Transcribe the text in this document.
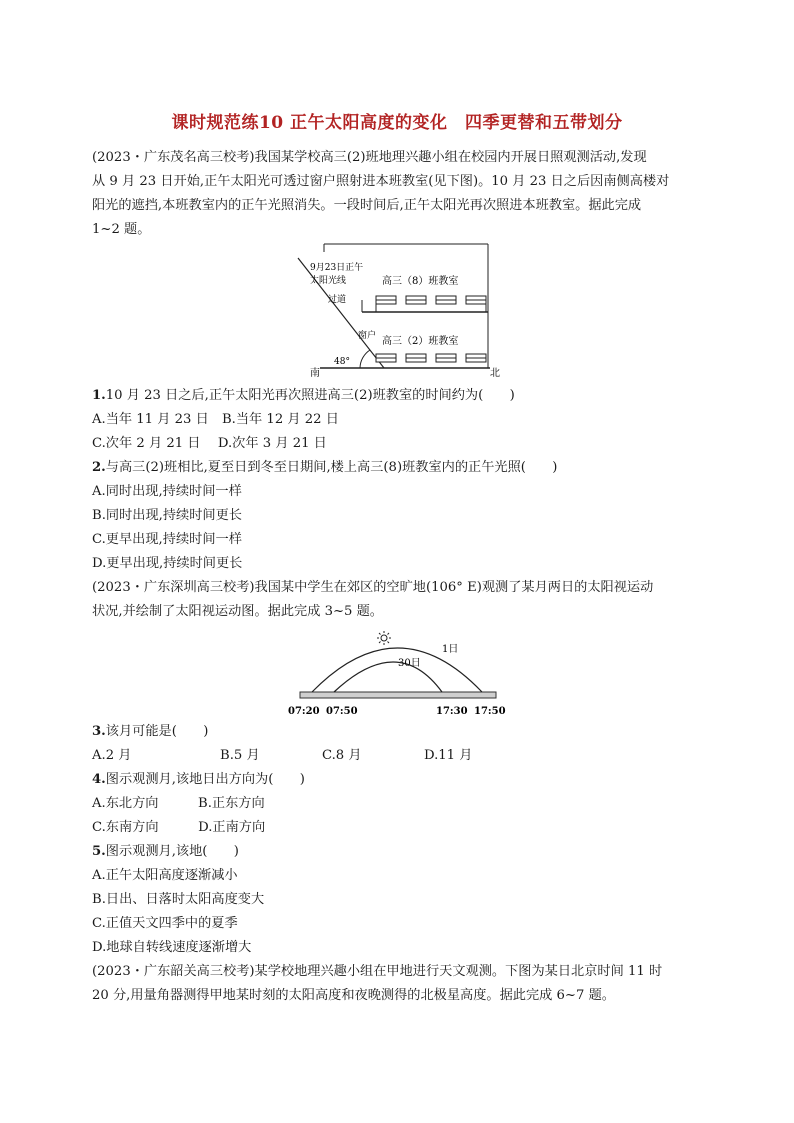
课时规范练10 正午太阳高度的变化　四季更替和五带划分
(2023・广东茂名高三校考)我国某学校高三(2)班地理兴趣小组在校园内开展日照观测活动,发现
从 9 月 23 日开始,正午太阳光可透过窗户照射进本班教室(见下图)。10 月 23 日之后因南侧高楼对
阳光的遮挡,本班教室内的正午光照消失。一段时间后,正午太阳光再次照进本班教室。据此完成
1~2 题。
9月23日正午
太阳光线
过道
窗户
48°
南	北
高三（8）班教室
高三（2）班教室
1.10 月 23 日之后,正午太阳光再次照进高三(2)班教室的时间约为(　　)
A.当年 11 月 23 日　B.当年 12 月 22 日
C.次年 2 月 21 日　 D.次年 3 月 21 日
2.与高三(2)班相比,夏至日到冬至日期间,楼上高三(8)班教室内的正午光照(　　)
A.同时出现,持续时间一样
B.同时出现,持续时间更长
C.更早出现,持续时间一样
D.更早出现,持续时间更长
(2023・广东深圳高三校考)我国某中学生在郊区的空旷地(106° E)观测了某月两日的太阳视运动
状况,并绘制了太阳视运动图。据此完成 3~5 题。
1日
30日
07:20 07:50	17:30 17:50
3.该月可能是(　　)
A.2 月	B.5 月	C.8 月	D.11 月
4.图示观测月,该地日出方向为(　　)
A.东北方向　　　B.正东方向
C.东南方向　　　D.正南方向
5.图示观测月,该地(　　)
A.正午太阳高度逐渐减小
B.日出、日落时太阳高度变大
C.正值天文四季中的夏季
D.地球自转线速度逐渐增大
(2023・广东韶关高三校考)某学校地理兴趣小组在甲地进行天文观测。下图为某日北京时间 11 时
20 分,用量角器测得甲地某时刻的太阳高度和夜晚测得的北极星高度。据此完成 6~7 题。
